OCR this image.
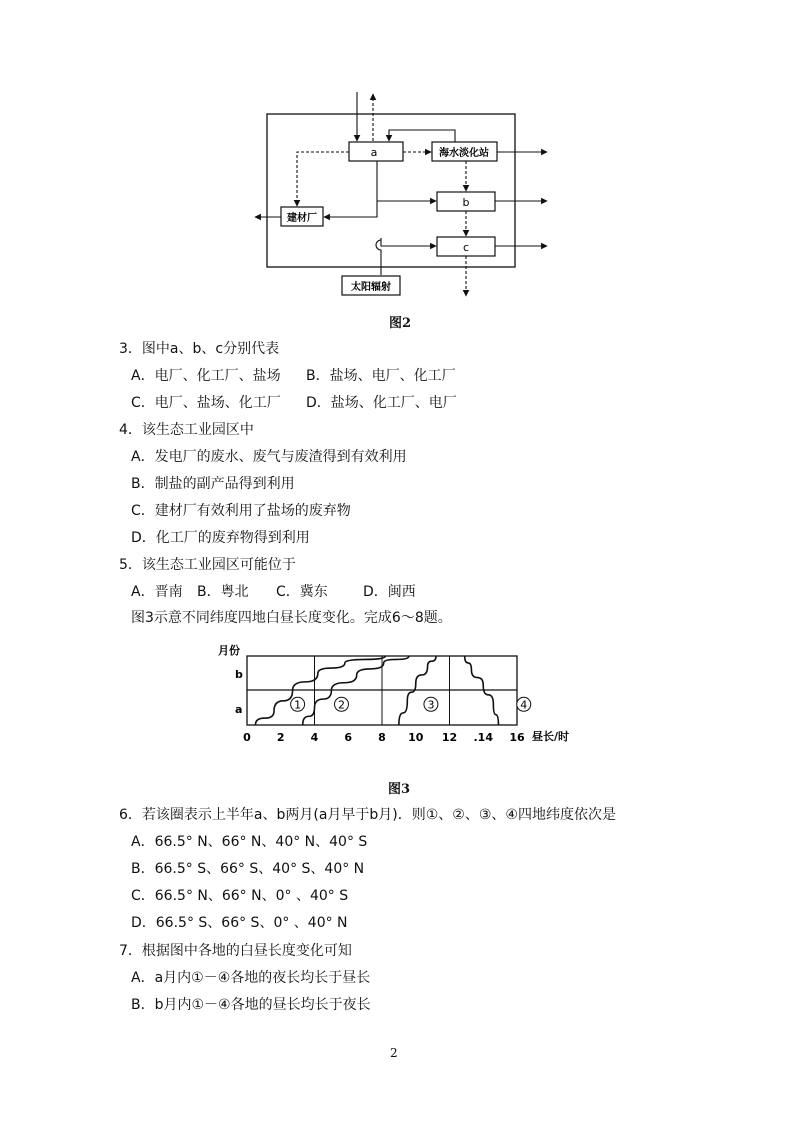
a	海水淡化站
b
建材厂
c
太阳辐射
图2
3．图中a、b、c分别代表
A．电厂、化工厂、盐场 B．盐场、电厂、化工厂
C．电厂、盐场、化工厂 D．盐场、化工厂、电厂
4．该生态工业园区中
A．发电厂的废水、废气与废渣得到有效利用
B．制盐的副产品得到利用
C．建材厂有效利用了盐场的废弃物
D．化工厂的废弃物得到利用
5．该生态工业园区可能位于
A．晋南 B．粤北 C．冀东	D．闽西
图3示意不同纬度四地白昼长度变化。完成6～8题。
月份
昼长/时
0 2 4 6 8 10 12 .14 16
a
b
1	2	3	4
图3
6．若该圈表示上半年a、b两月(a月早于b月)．则①、②、③、④四地纬度依次是
A．66.5° N、66° N、40° N、40° S
B．66.5° S、66° S、40° S、40° N
C．66.5° N、66° N、0° 、40° S
D．66.5° S、66° S、0° 、40° N
7．根据图中各地的白昼长度变化可知
A．a月内①－④各地的夜长均长于昼长
B．b月内①－④各地的昼长均长于夜长
2
